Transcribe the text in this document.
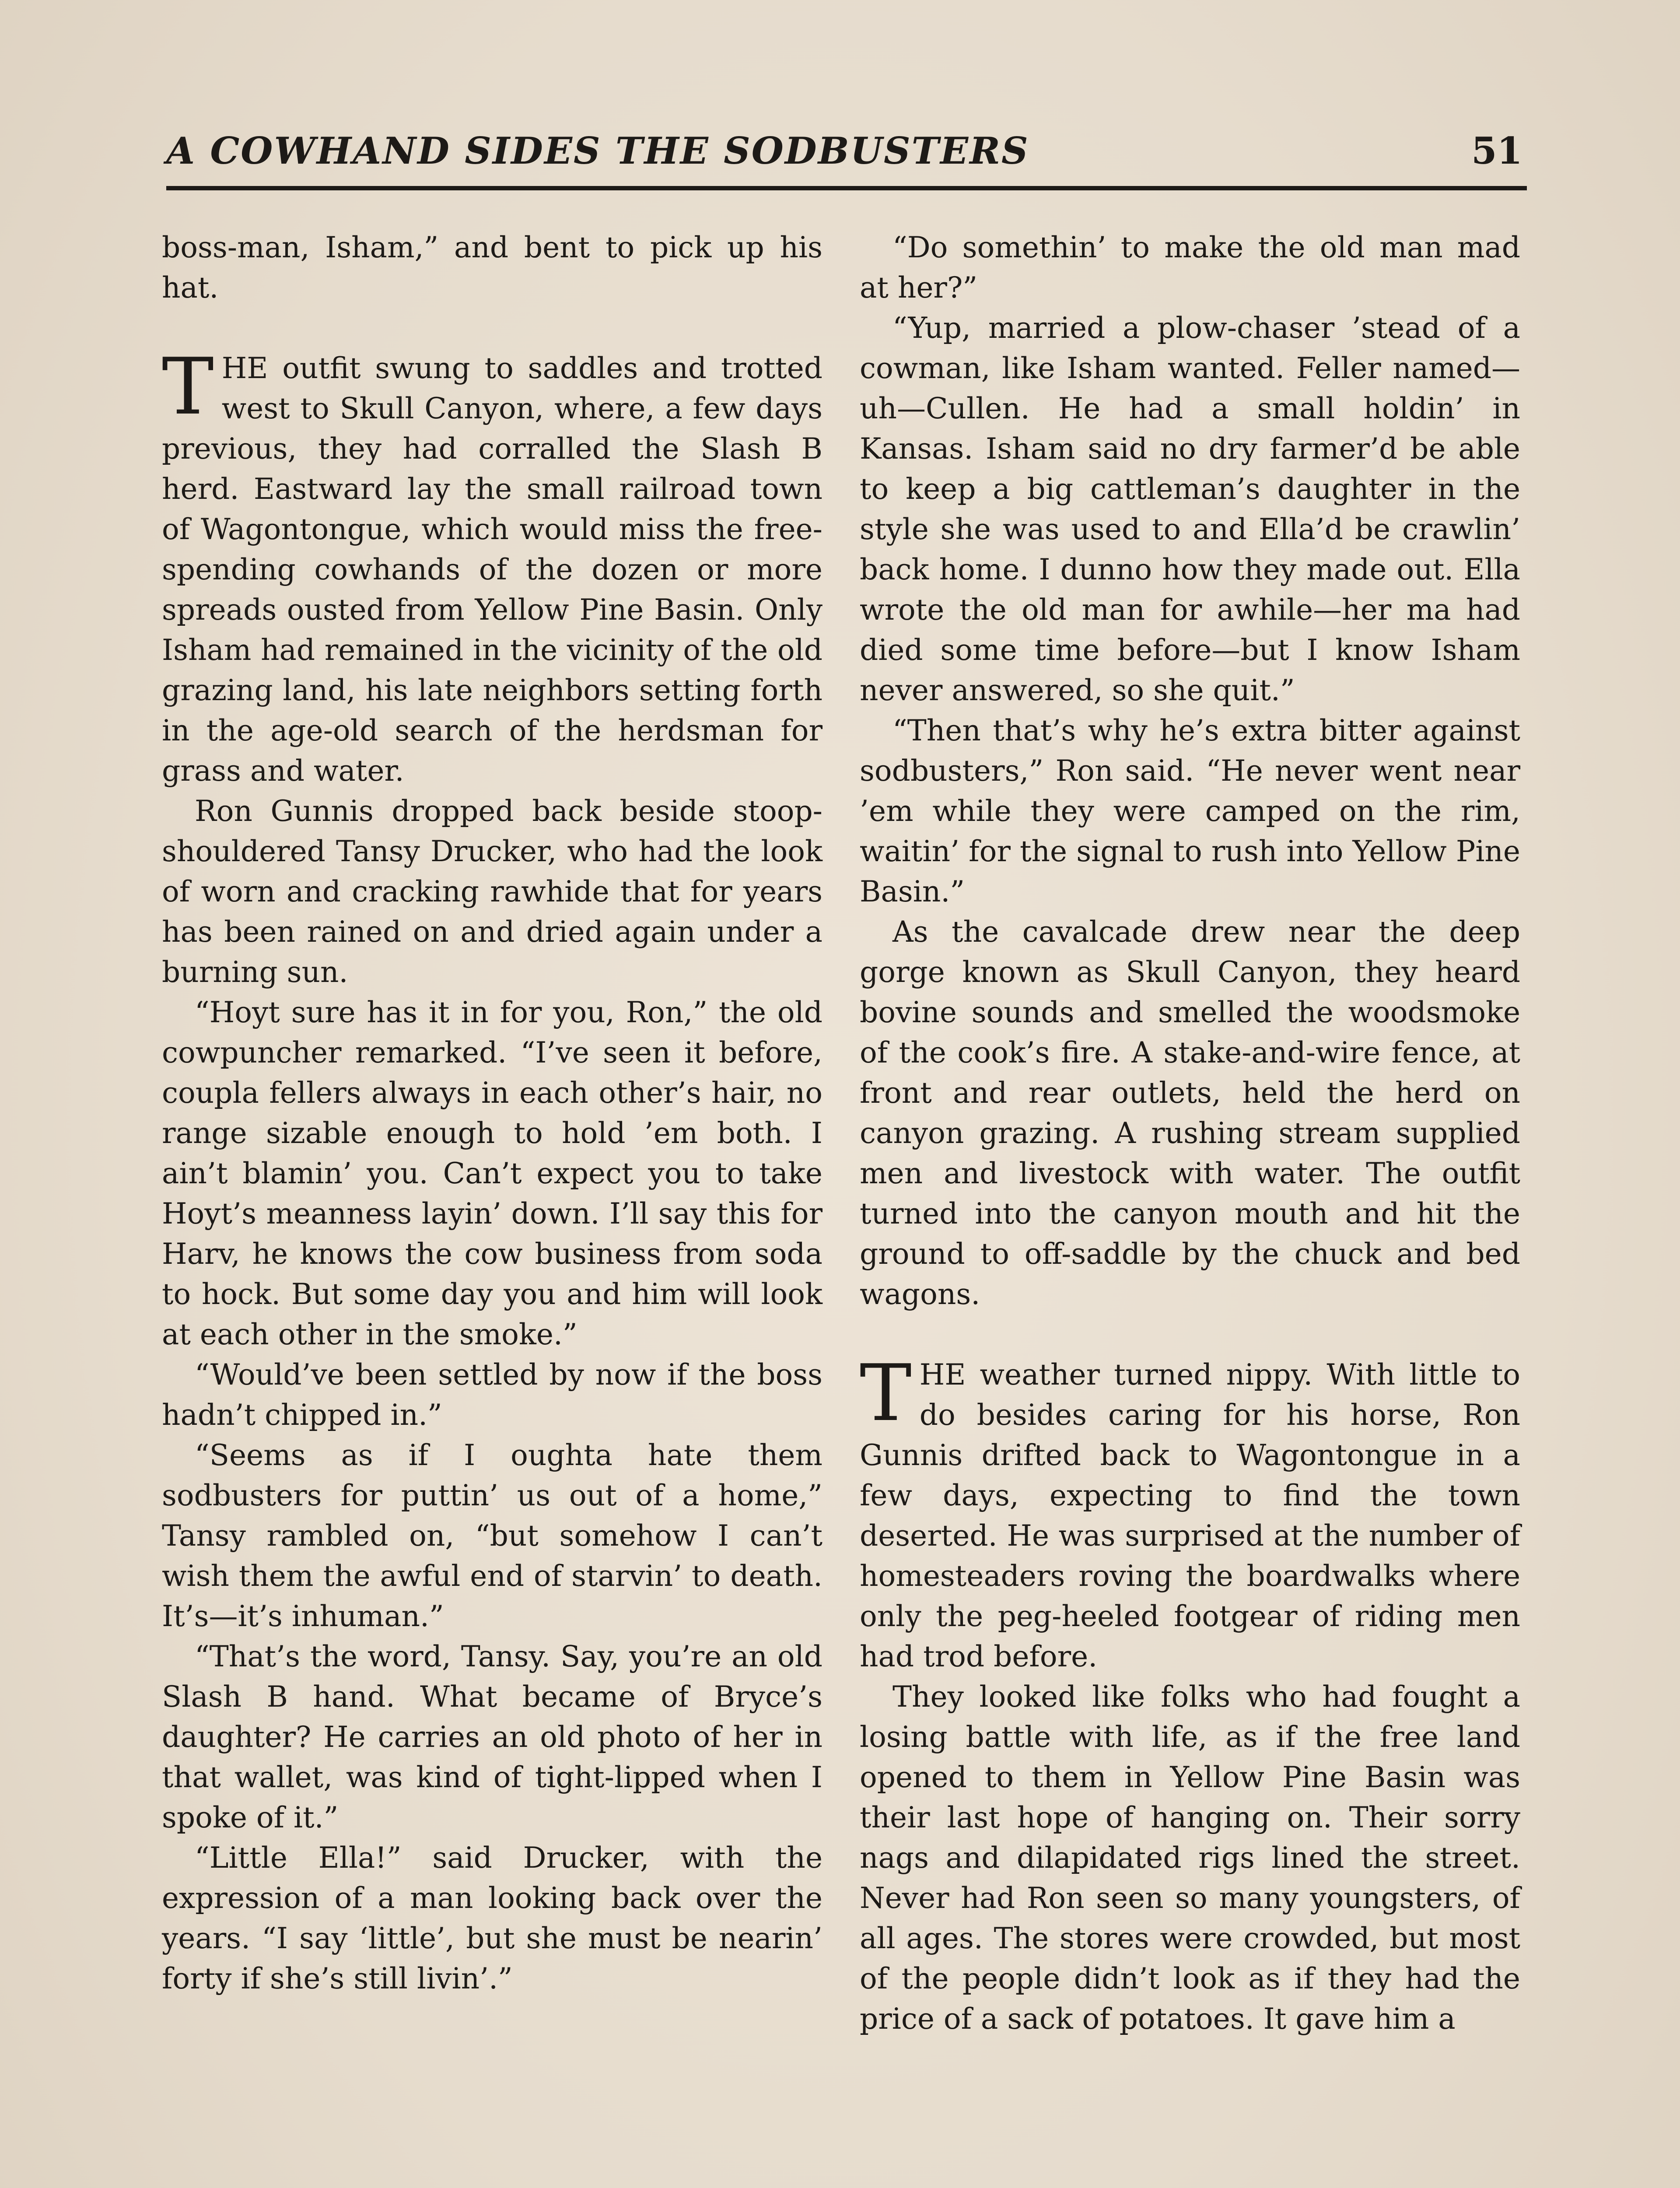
A COWHAND SIDES THE SODBUSTERS	51

boss-man, Isham,” and bent to pick up his hat.

THE outfit swung to saddles and trotted west to Skull Canyon, where, a few days previous, they had corralled the Slash B herd. Eastward lay the small railroad town of Wagontongue, which would miss the free-spending cowhands of the dozen or more spreads ousted from Yellow Pine Basin. Only Isham had remained in the vicinity of the old grazing land, his late neighbors setting forth in the age-old search of the herdsman for grass and water.

Ron Gunnis dropped back beside stoop-shouldered Tansy Drucker, who had the look of worn and cracking rawhide that for years has been rained on and dried again under a burning sun.

“Hoyt sure has it in for you, Ron,” the old cowpuncher remarked. “I’ve seen it before, coupla fellers always in each other’s hair, no range sizable enough to hold ’em both. I ain’t blamin’ you. Can’t expect you to take Hoyt’s meanness layin’ down. I’ll say this for Harv, he knows the cow business from soda to hock. But some day you and him will look at each other in the smoke.”

“Would’ve been settled by now if the boss hadn’t chipped in.”

“Seems as if I oughta hate them sodbusters for puttin’ us out of a home,” Tansy rambled on, “but somehow I can’t wish them the awful end of starvin’ to death. It’s—it’s inhuman.”

“That’s the word, Tansy. Say, you’re an old Slash B hand. What became of Bryce’s daughter? He carries an old photo of her in that wallet, was kind of tight-lipped when I spoke of it.”

“Little Ella!” said Drucker, with the expression of a man looking back over the years. “I say ‘little’, but she must be nearin’ forty if she’s still livin’.”

“Do somethin’ to make the old man mad at her?”

“Yup, married a plow-chaser ’stead of a cowman, like Isham wanted. Feller named—uh—Cullen. He had a small holdin’ in Kansas. Isham said no dry farmer’d be able to keep a big cattleman’s daughter in the style she was used to and Ella’d be crawlin’ back home. I dunno how they made out. Ella wrote the old man for awhile—her ma had died some time before—but I know Isham never answered, so she quit.”

“Then that’s why he’s extra bitter against sodbusters,” Ron said. “He never went near ’em while they were camped on the rim, waitin’ for the signal to rush into Yellow Pine Basin.”

As the cavalcade drew near the deep gorge known as Skull Canyon, they heard bovine sounds and smelled the woodsmoke of the cook’s fire. A stake-and-wire fence, at front and rear outlets, held the herd on canyon grazing. A rushing stream supplied men and livestock with water. The outfit turned into the canyon mouth and hit the ground to off-saddle by the chuck and bed wagons.

THE weather turned nippy. With little to do besides caring for his horse, Ron Gunnis drifted back to Wagontongue in a few days, expecting to find the town deserted. He was surprised at the number of homesteaders roving the boardwalks where only the peg-heeled footgear of riding men had trod before.

They looked like folks who had fought a losing battle with life, as if the free land opened to them in Yellow Pine Basin was their last hope of hanging on. Their sorry nags and dilapidated rigs lined the street. Never had Ron seen so many youngsters, of all ages. The stores were crowded, but most of the people didn’t look as if they had the price of a sack of potatoes. It gave him a
